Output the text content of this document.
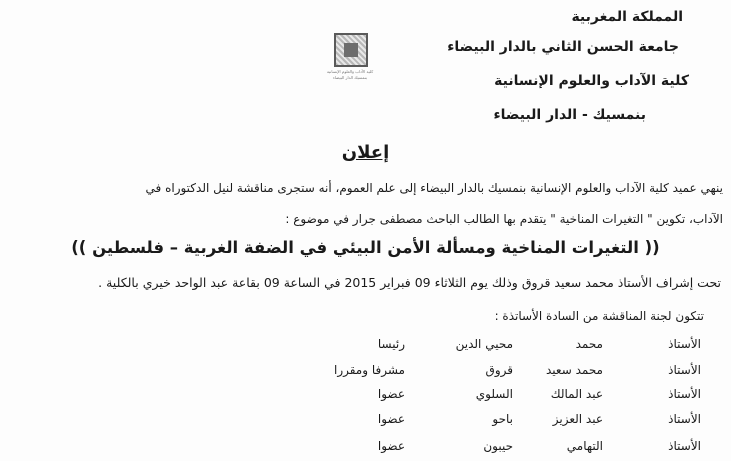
المملكة المغربية
جامعة الحسن الثاني بالدار البيضاء
كلية الآداب والعلوم الإنسانية
بنمسيك - الدار البيضاء
كلية الآداب والعلوم الإنسانية
بنمسيك الدار البيضاء
إعلان
ينهي عميد كلية الآداب والعلوم الإنسانية بنمسيك بالدار البيضاء إلى علم العموم، أنه ستجرى مناقشة لنيل الدكتوراه في
الآداب، تكوين " التغيرات المناخية " يتقدم بها الطالب الباحث مصطفى جرار في موضوع :
(( التغيرات المناخية ومسألة الأمن البيئي في الضفة الغربية – فلسطين ))
تحت إشراف الأستاذ محمد سعيد قروق وذلك يوم الثلاثاء 09 فبراير 2015 في الساعة 09 بقاعة عبد الواحد خيري بالكلية .
تتكون لجنة المناقشة من السادة الأساتذة :
الأستاذ
محمد
محيي الدين
رئيسا
الأستاذ
محمد سعيد
قروق
مشرفا ومقررا
الأستاذ
عبد المالك
السلوي
عضوا
الأستاذ
عبد العزيز
باحو
عضوا
الأستاذ
التهامي
حيبون
عضوا
